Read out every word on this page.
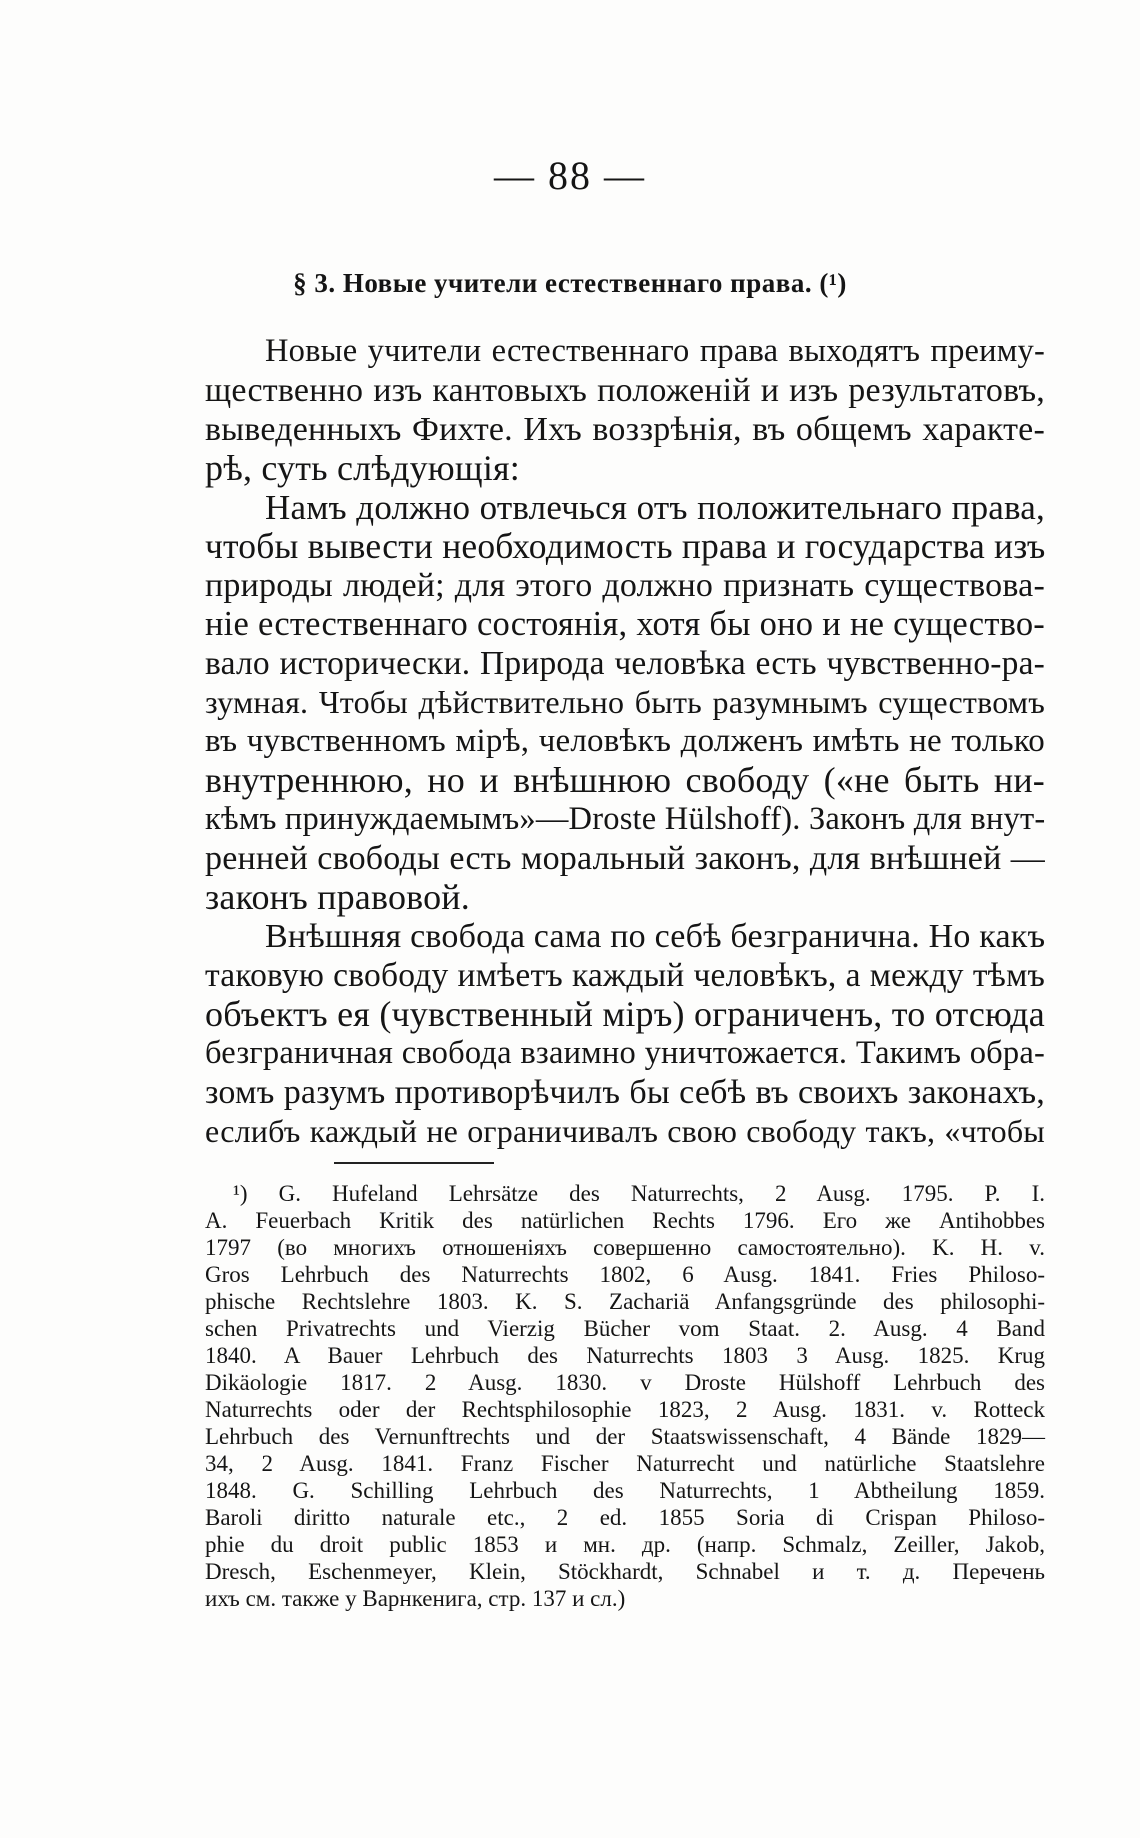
— 88 —
§ 3. Новые учители естественнаго права. (¹)
Новые учители естественнаго права выходятъ преиму-
щественно изъ кантовыхъ положеній и изъ результатовъ,
выведенныхъ Фихте. Ихъ воззрѣнія, въ общемъ характе-
рѣ, суть слѣдующія:
Намъ должно отвлечься отъ положительнаго права,
чтобы вывести необходимость права и государства изъ
природы людей; для этого должно признать существова-
ніе естественнаго состоянія, хотя бы оно и не существо-
вало исторически. Природа человѣка есть чувственно-ра-
зумная. Чтобы дѣйствительно быть разумнымъ существомъ
въ чувственномъ мірѣ, человѣкъ долженъ имѣть не только
внутреннюю, но и внѣшнюю свободу («не быть ни-
кѣмъ принуждаемымъ»—Droste Hülshoff). Законъ для внут-
ренней свободы есть моральный законъ, для внѣшней —
законъ правовой.
Внѣшняя свобода сама по себѣ безгранична. Но какъ
таковую свободу имѣетъ каждый человѣкъ, а между тѣмъ
объектъ ея (чувственный міръ) ограниченъ, то отсюда
безграничная свобода взаимно уничтожается. Такимъ обра-
зомъ разумъ противорѣчилъ бы себѣ въ своихъ законахъ,
еслибъ каждый не ограничивалъ свою свободу такъ, «чтобы
¹) G. Hufeland Lehrsätze des Naturrechts, 2 Ausg. 1795. P. I.
A. Feuerbach Kritik des natürlichen Rechts 1796. Его же Antihobbes
1797 (во многихъ отношеніяхъ совершенно самостоятельно). K. H. v.
Gros Lehrbuch des Naturrechts 1802, 6 Ausg. 1841. Fries Philoso-
phische Rechtslehre 1803. K. S. Zachariä Anfangsgründe des philosophi-
schen Privatrechts und Vierzig Bücher vom Staat. 2. Ausg. 4 Band
1840. A Bauer Lehrbuch des Naturrechts 1803 3 Ausg. 1825. Krug
Dikäologie 1817. 2 Ausg. 1830. v Droste Hülshoff Lehrbuch des
Naturrechts oder der Rechtsphilosophie 1823, 2 Ausg. 1831. v. Rotteck
Lehrbuch des Vernunftrechts und der Staatswissenschaft, 4 Bände 1829—
34, 2 Ausg. 1841. Franz Fischer Naturrecht und natürliche Staatslehre
1848. G. Schilling Lehrbuch des Naturrechts, 1 Abtheilung 1859.
Baroli diritto naturale etc., 2 ed. 1855 Soria di Crispan Philoso-
phie du droit public 1853 и мн. др. (напр. Schmalz, Zeiller, Jakob,
Dresch, Eschenmeyer, Klein, Stöckhardt, Schnabel и т. д. Перечень
ихъ см. также у Варнкенига, стр. 137 и сл.)
